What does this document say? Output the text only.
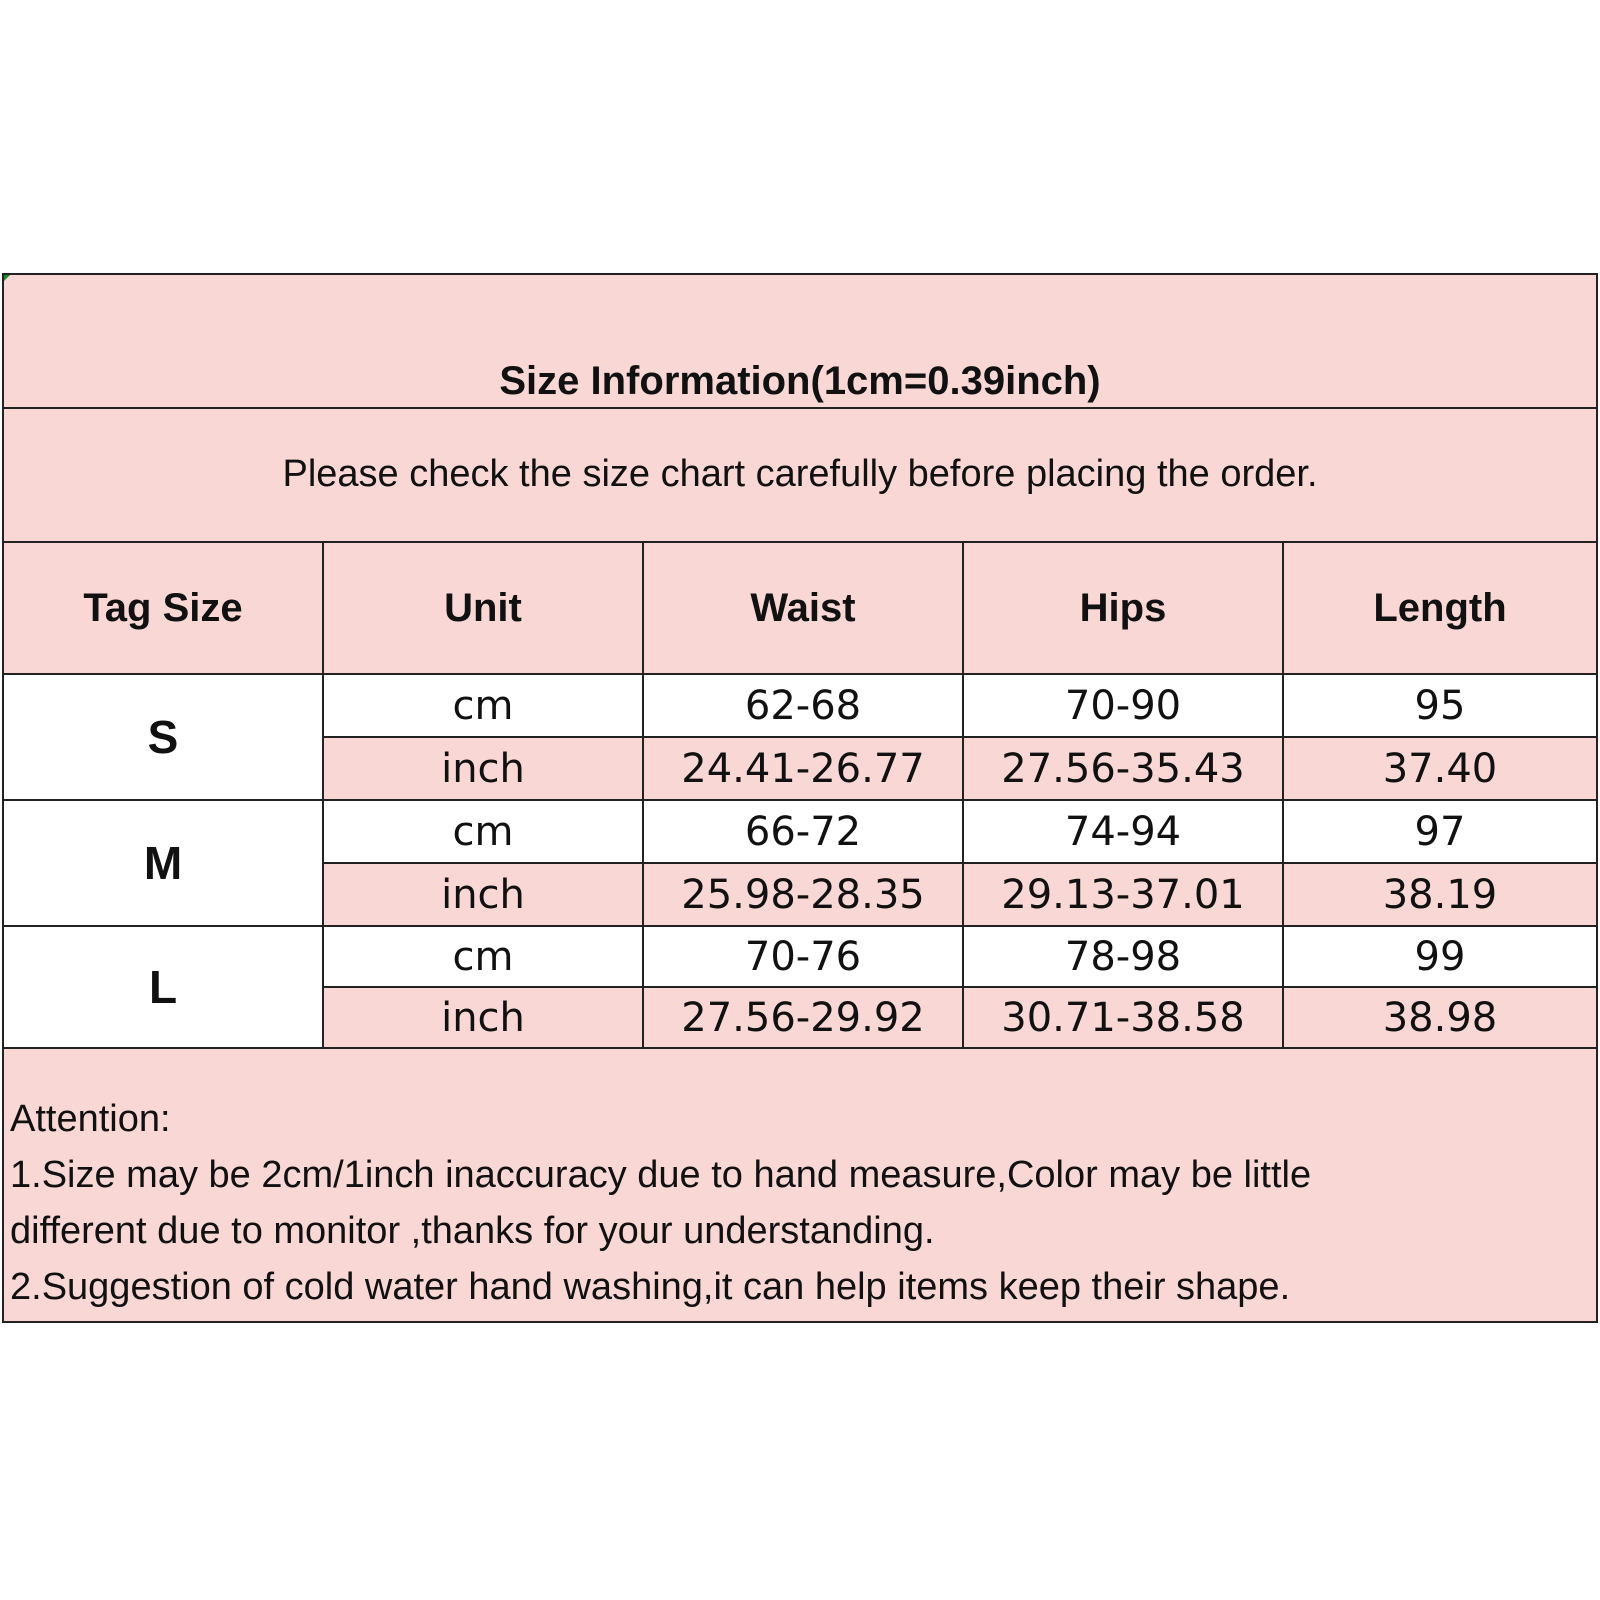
Size Information(1cm=0.39inch)
Please check the size chart carefully before placing the order.
Tag Size	Unit	Waist	Hips	Length
S
cm	62-68	70-90	95
inch	24.41-26.77	27.56-35.43	37.40
M
cm	66-72	74-94	97
inch	25.98-28.35	29.13-37.01	38.19
L
cm	70-76	78-98	99
inch	27.56-29.92	30.71-38.58	38.98
Attention:
1.Size may be 2cm/1inch inaccuracy due to hand measure,Color may be little
different due to monitor ,thanks for your understanding.
2.Suggestion of cold water hand washing,it can help items keep their shape.
